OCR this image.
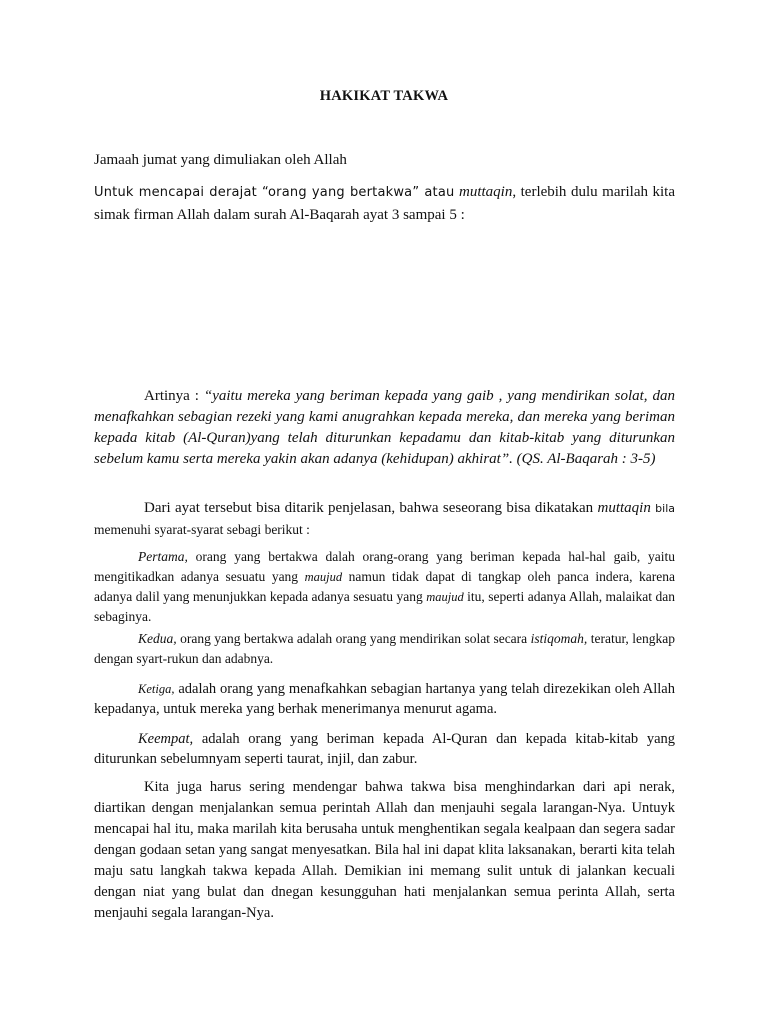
HAKIKAT TAKWA

Jamaah jumat yang dimuliakan oleh Allah

Untuk mencapai derajat “orang yang bertakwa” atau muttaqin, terlebih dulu marilah kita simak firman Allah dalam surah Al-Baqarah ayat 3 sampai 5 :

Artinya : “yaitu mereka yang beriman kepada yang gaib , yang mendirikan solat, dan menafkahkan sebagian rezeki yang kami anugrahkan kepada mereka, dan mereka yang beriman kepada kitab (Al-Quran)yang telah diturunkan kepadamu dan kitab-kitab yang diturunkan sebelum kamu serta mereka yakin akan adanya (kehidupan) akhirat”. (QS. Al-Baqarah : 3-5)

Dari ayat tersebut bisa ditarik penjelasan, bahwa seseorang bisa dikatakan muttaqin bila memenuhi syarat-syarat sebagi berikut :

Pertama, orang yang bertakwa dalah orang-orang yang beriman kepada hal-hal gaib, yaitu mengitikadkan adanya sesuatu yang maujud namun tidak dapat di tangkap oleh panca indera, karena adanya dalil yang menunjukkan kepada adanya sesuatu yang maujud itu, seperti adanya Allah, malaikat dan sebaginya.

Kedua, orang yang bertakwa adalah orang yang mendirikan solat secara istiqomah, teratur, lengkap dengan syart-rukun dan adabnya.

Ketiga, adalah orang yang menafkahkan sebagian hartanya yang telah direzekikan oleh Allah kepadanya, untuk mereka yang berhak menerimanya menurut agama.

Keempat, adalah orang yang beriman kepada Al-Quran dan kepada kitab-kitab yang diturunkan sebelumnyam seperti taurat, injil, dan zabur.

Kita juga harus sering mendengar bahwa takwa bisa menghindarkan dari api nerak, diartikan dengan menjalankan semua perintah Allah dan menjauhi segala larangan-Nya. Untuyk mencapai hal itu, maka marilah kita berusaha untuk menghentikan segala kealpaan dan segera sadar dengan godaan setan yang sangat menyesatkan. Bila hal ini dapat klita laksanakan, berarti kita telah maju satu langkah takwa kepada Allah. Demikian ini memang sulit untuk di jalankan kecuali dengan niat yang bulat dan dnegan kesungguhan hati menjalankan semua perinta Allah, serta menjauhi segala larangan-Nya.
